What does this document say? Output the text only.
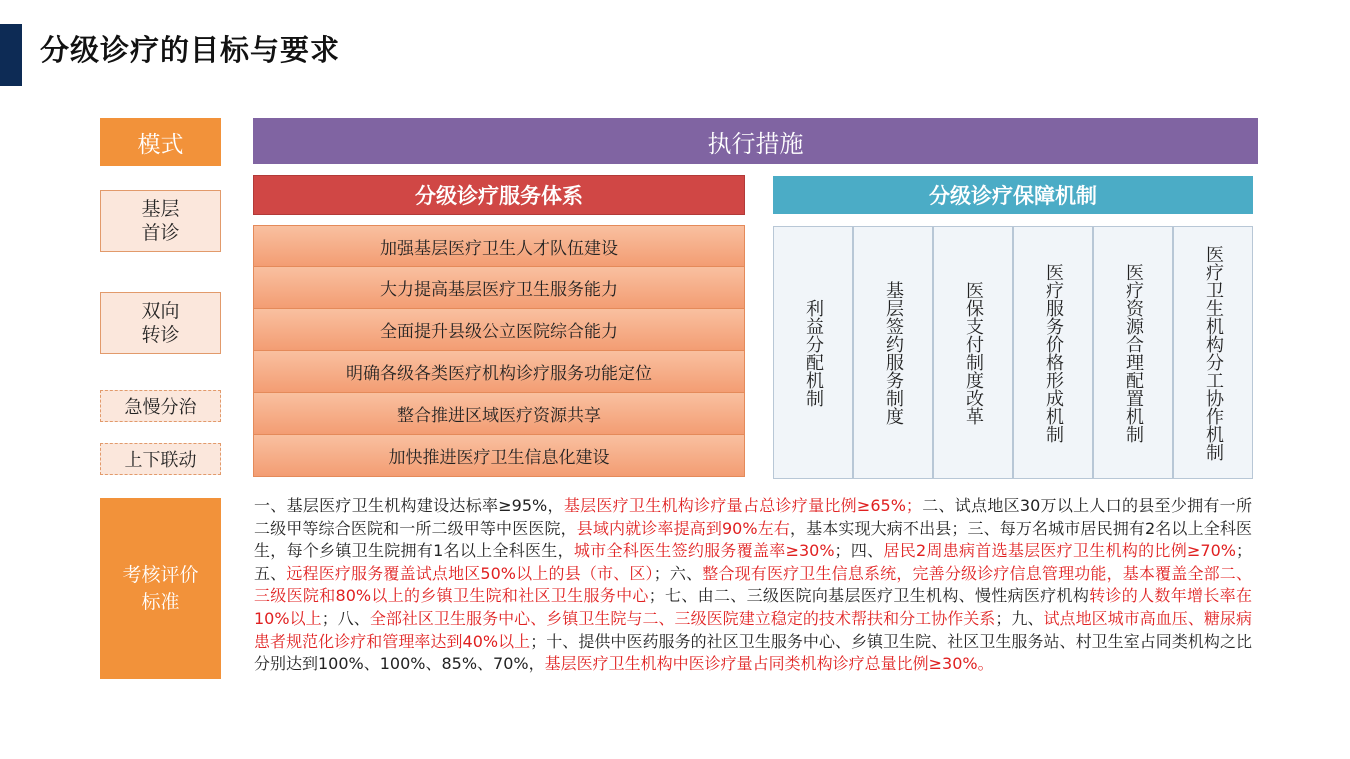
分级诊疗的目标与要求
模式
基层
首诊
双向
转诊
急慢分治
上下联动
考核评价
标准
执行措施
分级诊疗服务体系	分级诊疗保障机制
加强基层医疗卫生人才队伍建设
大力提高基层医疗卫生服务能力
全面提升县级公立医院综合能力
明确各级各类医疗机构诊疗服务功能定位
整合推进区域医疗资源共享
加快推进医疗卫生信息化建设
利益分配机制	基层签约服务制度	医保支付制度改革	医疗服务价格形成机制	医疗资源合理配置机制	医疗卫生机构分工协作机制
一、基层医疗卫生机构建设达标率≥95%，基层医疗卫生机构诊疗量占总诊疗量比例≥65%；二、试点地区30万以上人口的县至少拥有一所二级甲等综合医院和一所二级甲等中医医院，县域内就诊率提高到90%左右，基本实现大病不出县；三、每万名城市居民拥有2名以上全科医生，每个乡镇卫生院拥有1名以上全科医生，城市全科医生签约服务覆盖率≥30%；四、居民2周患病首选基层医疗卫生机构的比例≥70%；五、远程医疗服务覆盖试点地区50%以上的县（市、区）；六、整合现有医疗卫生信息系统，完善分级诊疗信息管理功能，基本覆盖全部二、三级医院和80%以上的乡镇卫生院和社区卫生服务中心；七、由二、三级医院向基层医疗卫生机构、慢性病医疗机构转诊的人数年增长率在10%以上；八、全部社区卫生服务中心、乡镇卫生院与二、三级医院建立稳定的技术帮扶和分工协作关系；九、试点地区城市高血压、糖尿病患者规范化诊疗和管理率达到40%以上；十、提供中医药服务的社区卫生服务中心、乡镇卫生院、社区卫生服务站、村卫生室占同类机构之比分别达到100%、100%、85%、70%，基层医疗卫生机构中医诊疗量占同类机构诊疗总量比例≥30%。
